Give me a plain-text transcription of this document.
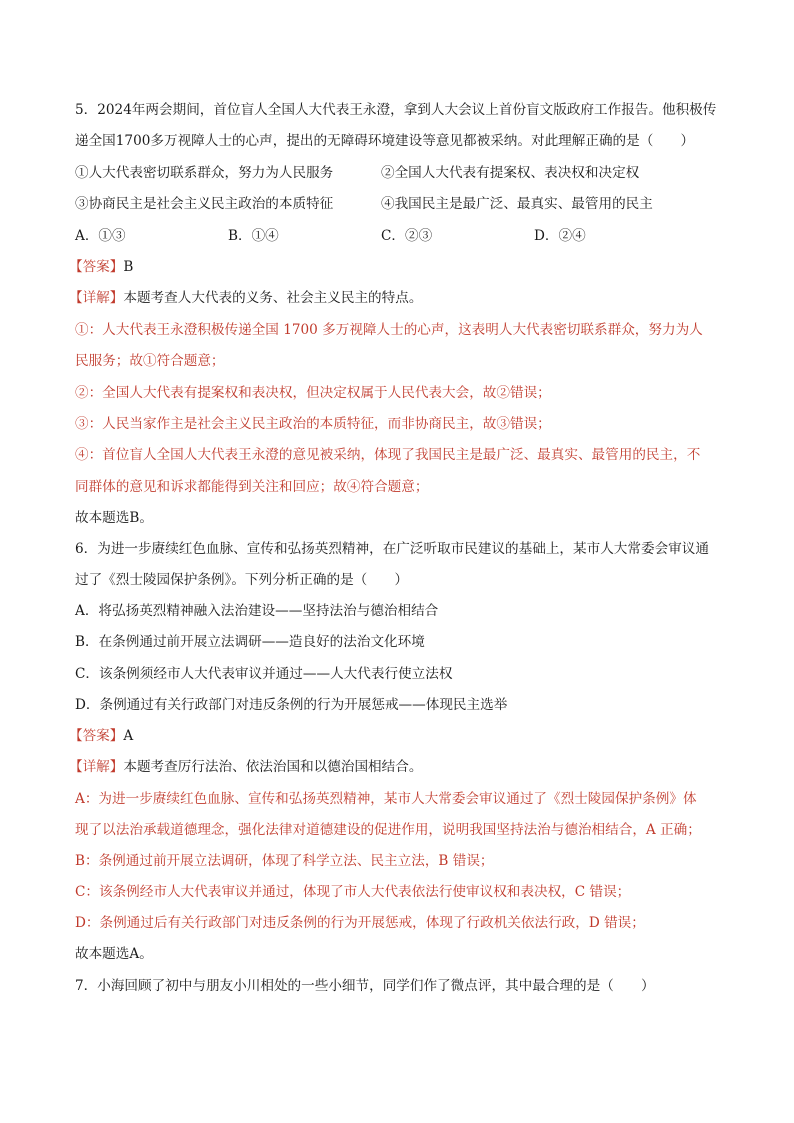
5．2024年两会期间，首位盲人全国人大代表王永澄，拿到人大会议上首份盲文版政府工作报告。他积极传
递全国1700多万视障人士的心声，提出的无障碍环境建设等意见都被采纳。对此理解正确的是（　　）
①人大代表密切联系群众，努力为人民服务	②全国人大代表有提案权、表决权和决定权
③协商民主是社会主义民主政治的本质特征	④我国民主是最广泛、最真实、最管用的民主
A．①③	B．①④	C．②③	D．②④
【答案】B
【详解】本题考查人大代表的义务、社会主义民主的特点。
①：人大代表王永澄积极传递全国 1700 多万视障人士的心声，这表明人大代表密切联系群众，努力为人
民服务；故①符合题意；
②：全国人大代表有提案权和表决权，但决定权属于人民代表大会，故②错误；
③：人民当家作主是社会主义民主政治的本质特征，而非协商民主，故③错误；
④：首位盲人全国人大代表王永澄的意见被采纳，体现了我国民主是最广泛、最真实、最管用的民主，不
同群体的意见和诉求都能得到关注和回应；故④符合题意；
故本题选B。
6．为进一步赓续红色血脉、宣传和弘扬英烈精神，在广泛听取市民建议的基础上，某市人大常委会审议通
过了《烈士陵园保护条例》。下列分析正确的是（　　）
A．将弘扬英烈精神融入法治建设——坚持法治与德治相结合
B．在条例通过前开展立法调研——造良好的法治文化环境
C．该条例须经市人大代表审议并通过——人大代表行使立法权
D．条例通过有关行政部门对违反条例的行为开展惩戒——体现民主选举
【答案】A
【详解】本题考查厉行法治、依法治国和以德治国相结合。
A：为进一步赓续红色血脉、宣传和弘扬英烈精神，某市人大常委会审议通过了《烈士陵园保护条例》体
现了以法治承载道德理念，强化法律对道德建设的促进作用，说明我国坚持法治与德治相结合，A 正确；
B：条例通过前开展立法调研，体现了科学立法、民主立法，B 错误；
C：该条例经市人大代表审议并通过，体现了市人大代表依法行使审议权和表决权，C 错误；
D：条例通过后有关行政部门对违反条例的行为开展惩戒，体现了行政机关依法行政，D 错误；
故本题选A。
7．小海回顾了初中与朋友小川相处的一些小细节，同学们作了微点评，其中最合理的是（　　）
